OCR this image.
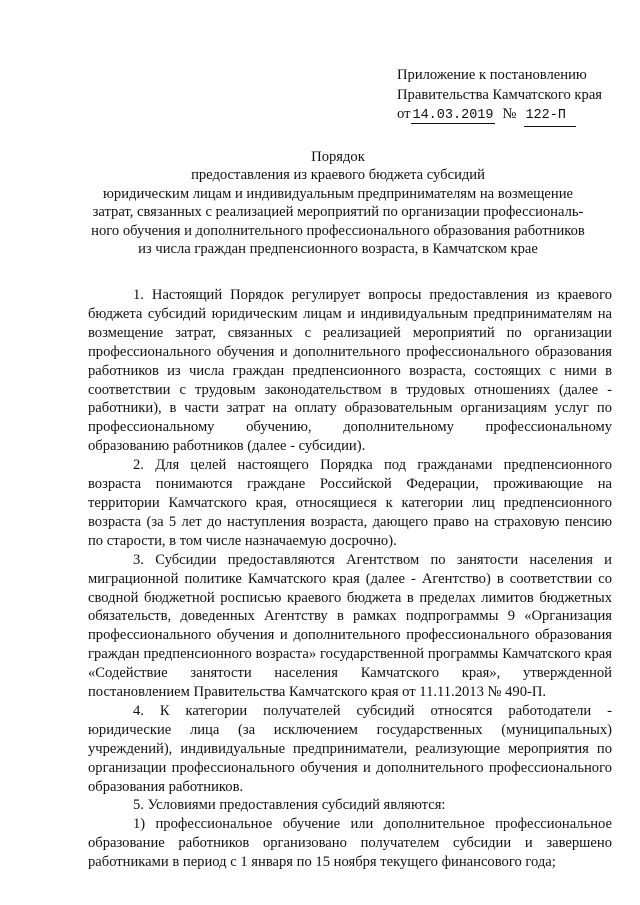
Приложение к постановлению
Правительства Камчатского края
от 14.03.2019 № 122-П
Порядок
предоставления из краевого бюджета субсидий
юридическим лицам и индивидуальным предпринимателям на возмещение
затрат, связанных с реализацией мероприятий по организации профессиональ-
ного обучения и дополнительного профессионального образования работников
из числа граждан предпенсионного возраста, в Камчатском крае

1. Настоящий Порядок регулирует вопросы предоставления из краевого бюджета субсидий юридическим лицам и индивидуальным предпринимателям на возмещение затрат, связанных с реализацией мероприятий по организации профессионального обучения и дополнительного профессионального образования работников из числа граждан предпенсионного возраста, состоящих с ними в соответствии с трудовым законодательством в трудовых отношениях (далее - работники), в части затрат на оплату образовательным организациям услуг по профессиональному обучению, дополнительному профессиональному образованию работников (далее - субсидии).

2. Для целей настоящего Порядка под гражданами предпенсионного возраста понимаются граждане Российской Федерации, проживающие на территории Камчатского края, относящиеся к категории лиц предпенсионного возраста (за 5 лет до наступления возраста, дающего право на страховую пенсию по старости, в том числе назначаемую досрочно).

3. Субсидии предоставляются Агентством по занятости населения и миграционной политике Камчатского края (далее - Агентство) в соответствии со сводной бюджетной росписью краевого бюджета в пределах лимитов бюджетных обязательств, доведенных Агентству в рамках подпрограммы 9 «Организация профессионального обучения и дополнительного профессионального образования граждан предпенсионного возраста» государственной программы Камчатского края «Содействие занятости населения Камчатского края», утвержденной постановлением Правительства Камчатского края от 11.11.2013 № 490-П.

4. К категории получателей субсидий относятся работодатели - юридические лица (за исключением государственных (муниципальных) учреждений), индивидуальные предприниматели, реализующие мероприятия по организации профессионального обучения и дополнительного профессионального образования работников.

5. Условиями предоставления субсидий являются:

1) профессиональное обучение или дополнительное профессиональное образование работников организовано получателем субсидии и завершено работниками в период с 1 января по 15 ноября текущего финансового года;
